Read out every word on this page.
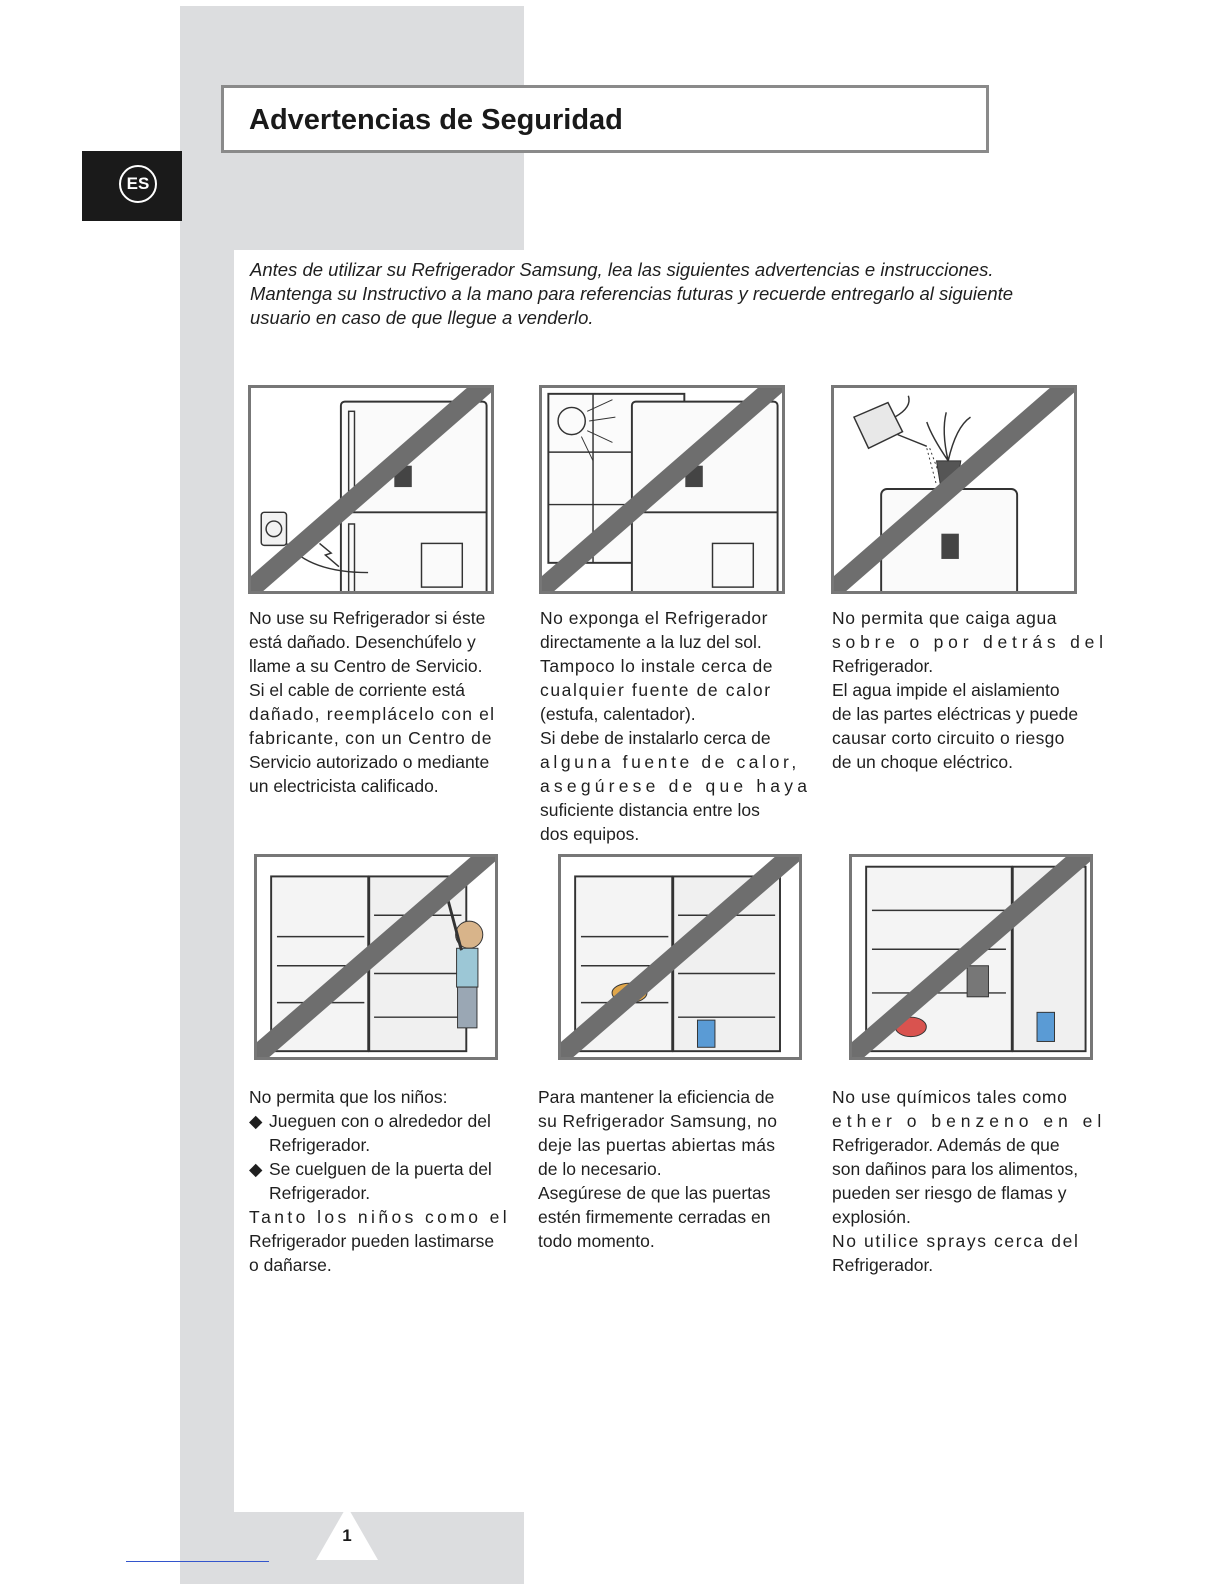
Advertencias de Seguridad
ES
Antes de utilizar su Refrigerador Samsung, lea las siguientes advertencias e instrucciones.
Mantenga su Instructivo a la mano para referencias futuras y recuerde entregarlo al siguiente
usuario en caso de que llegue a venderlo.
No use su Refrigerador si éste
está dañado. Desenchúfelo y
llame a su Centro de Servicio.
Si el cable de corriente está
dañado, reemplácelo con el
fabricante, con un Centro de
Servicio autorizado o mediante
un electricista calificado.
No exponga el Refrigerador
directamente a la luz del sol.
Tampoco lo instale cerca de
cualquier fuente de calor
(estufa, calentador).
Si debe de instalarlo cerca de
alguna fuente de calor,
asegúrese de que haya
suficiente distancia entre los
dos equipos.
No permita que caiga agua
sobre o por detrás del
Refrigerador.
El agua impide el aislamiento
de las partes eléctricas y puede
causar corto circuito o riesgo
de un choque eléctrico.
No permita que los niños:
◆ Jueguen con o alrededor del Refrigerador.
◆ Se cuelguen de la puerta del Refrigerador.
Tanto los niños como el
Refrigerador pueden lastimarse
o dañarse.
Para mantener la eficiencia de
su Refrigerador Samsung, no
deje las puertas abiertas más
de lo necesario.
Asegúrese de que las puertas
estén firmemente cerradas en
todo momento.
No use químicos tales como
ether o benzeno en el
Refrigerador. Además de que
son dañinos para los alimentos,
pueden ser riesgo de flamas y
explosión.
No utilice sprays cerca del
Refrigerador.
1
